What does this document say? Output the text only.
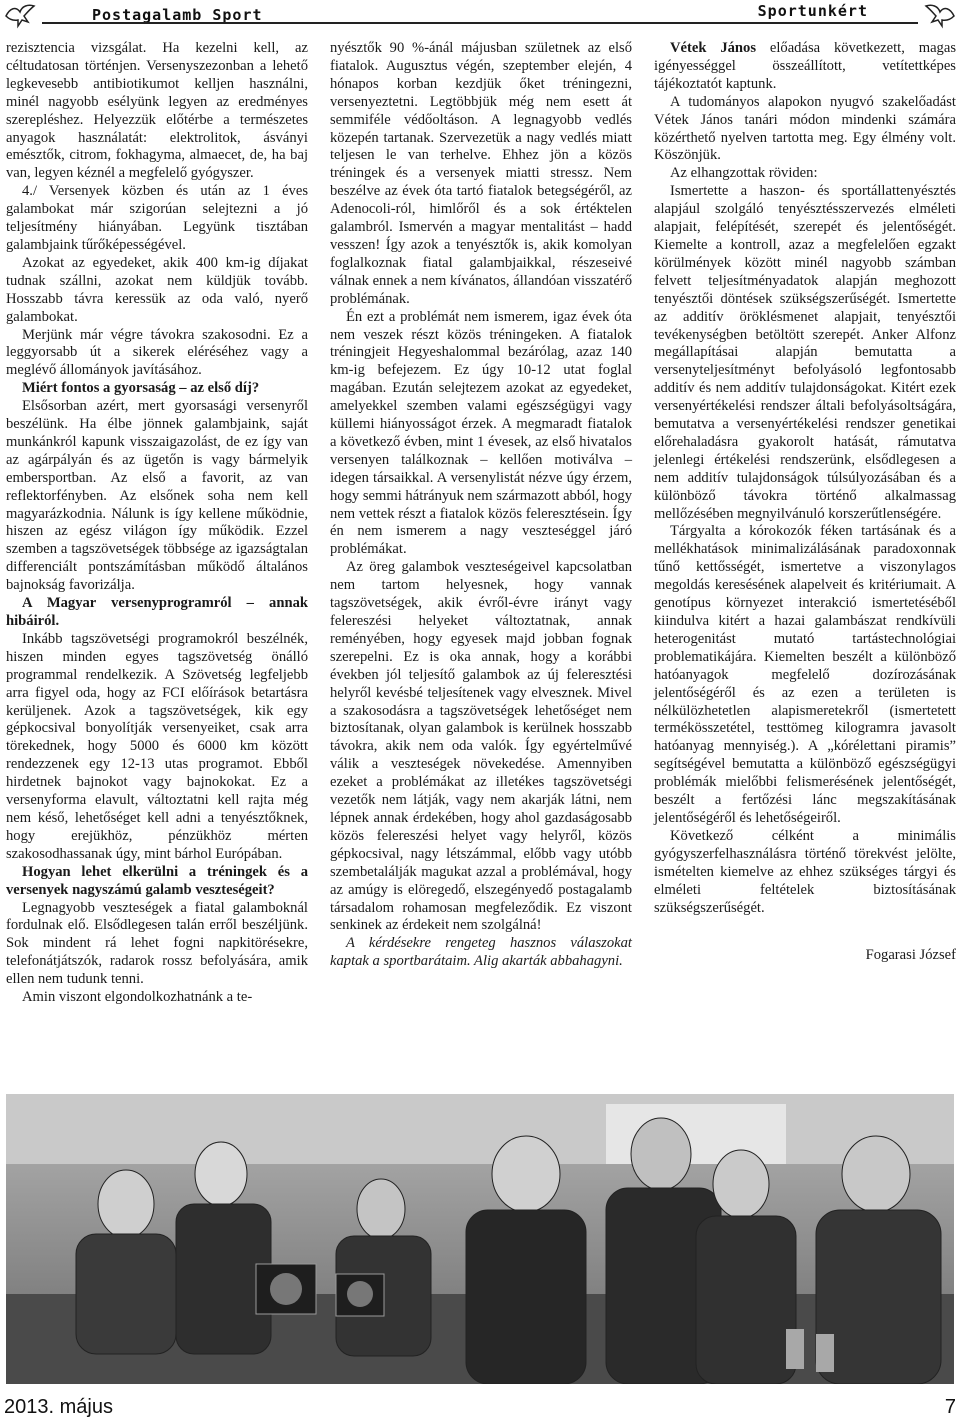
Postagalamb Sport	Sportunkért

rezisztencia vizsgálat. Ha kezelni kell, az céltudatosan történjen. Versenyszezonban a lehető legkevesebb antibiotikumot kelljen használni, minél nagyobb esélyünk legyen az eredményes szerepléshez. Helyezzük előtérbe a természetes anyagok használatát: elektrolitok, ásványi emésztők, citrom, fokhagyma, almaecet, de, ha baj van, legyen kéznél a megfelelő gyógyszer.

4./ Versenyek közben és után az 1 éves galambokat már szigorúan selejtezni a jó teljesítmény hiányában. Legyünk tisztában galambjaink tűrőképességével.

Azokat az egyedeket, akik 400 km-ig díjakat tudnak szállni, azokat nem küldjük tovább. Hosszabb távra keressük az oda való, nyerő galambokat.

Merjünk már végre távokra szakosodni. Ez a leggyorsabb út a sikerek eléréséhez vagy a meglévő állományok javításához.

Miért fontos a gyorsaság – az első díj?

Elsősorban azért, mert gyorsasági versenyről beszélünk. Ha élbe jönnek galambjaink, saját munkánkról kapunk visszaigazolást, de ez így van az agárpályán és az ügetőn is vagy bármelyik embersportban. Az első a favorit, az van reflektorfényben. Az elsőnek soha nem kell magyarázkodnia. Nálunk is így kellene működnie, hiszen az egész világon így működik. Ezzel szemben a tagszövetségek többsége az igazságtalan differenciált pontszámításban működő általános bajnokság favorizálja.

A Magyar versenyprogramról – annak hibáiról.

Inkább tagszövetségi programokról beszélnék, hiszen minden egyes tagszövetség önálló programmal rendelkezik. A Szövetség legfeljebb arra figyel oda, hogy az FCI előírások betartásra kerüljenek. Azok a tagszövetségek, kik egy gépkocsival bonyolítják versenyeiket, csak arra törekednek, hogy 5000 és 6000 km között rendezzenek egy 12-13 utas programot. Ebből hirdetnek bajnokot vagy bajnokokat. Ez a versenyforma elavult, változtatni kell rajta még nem késő, lehetőséget kell adni a tenyésztőknek, hogy erejükhöz, pénzükhöz mérten szakosodhassanak úgy, mint bárhol Európában.

Hogyan lehet elkerülni a tréningek és a versenyek nagyszámú galamb veszteségeit?

Legnagyobb veszteségek a fiatal galamboknál fordulnak elő. Elsődlegesen talán erről beszéljünk. Sok mindent rá lehet fogni napkitörésekre, telefonátjátszók, radarok rossz befolyására, amik ellen nem tudunk tenni.

Amin viszont elgondolkozhatnánk a te-

nyésztők 90 %-ánál májusban születnek az első fiatalok. Augusztus végén, szeptember elején, 4 hónapos korban kezdjük őket tréningezni, versenyeztetni. Legtöbbjük még nem esett át semmiféle védőoltáson. A legnagyobb vedlés közepén tartanak. Szervezetük a nagy vedlés miatt teljesen le van terhelve. Ehhez jön a közös tréningek és a versenyek miatti stressz. Nem beszélve az évek óta tartó fiatalok betegségéről, az Adenocoli-ról, himlőről és a sok értéktelen galambról. Ismervén a magyar mentalitást – hadd vesszen! Így azok a tenyésztők is, akik komolyan foglalkoznak fiatal galambjaikkal, részeseivé válnak ennek a nem kívánatos, állandóan visszatérő problémának.

Én ezt a problémát nem ismerem, igaz évek óta nem veszek részt közös tréningeken. A fiatalok tréningjeit Hegyeshalommal bezárólag, azaz 140 km-ig befejezem. Ez úgy 10-12 utat foglal magában. Ezután selejtezem azokat az egyedeket, amelyekkel szemben valami egészségügyi vagy küllemi hiányosságot érzek. A megmaradt fiatalok a következő évben, mint 1 évesek, az első hivatalos versenyen találkoznak – kellően motiválva – idegen társaikkal. A versenylistát nézve úgy érzem, hogy semmi hátrányuk nem származott abból, hogy nem vettek részt a fiatalok közös feleresztésein. Így én nem ismerem a nagy veszteséggel járó problémákat.

Az öreg galambok veszteségeivel kapcsolatban nem tartom helyesnek, hogy vannak tagszövetségek, akik évről-évre irányt vagy felereszési helyeket változtatnak, annak reményében, hogy egyesek majd jobban fognak szerepelni. Ez is oka annak, hogy a korábbi években jól teljesítő galambok az új feleresztési helyről kevésbé teljesítenek vagy elvesznek. Mivel a szakosodásra a tagszövetségek lehetőséget nem biztosítanak, olyan galambok is kerülnek hosszabb távokra, akik nem oda valók. Így egyértelművé válik a veszteségek növekedése. Amennyiben ezeket a problémákat az illetékes tagszövetségi vezetők nem látják, vagy nem akarják látni, nem lépnek annak érdekében, hogy ahol gazdaságosabb közös felereszési helyet vagy helyről, közös gépkocsival, nagy létszámmal, előbb vagy utóbb szembetalálják magukat azzal a problémával, hogy az amúgy is elöregedő, elszegényedő postagalamb társadalom rohamosan megfeleződik. Ez viszont senkinek az érdekeit nem szolgálná!

A kérdésekre rengeteg hasznos válaszokat kaptak a sportbarátaim. Alig akarták abbahagyni.

Vétek János előadása következett, magas igényességgel összeállított, vetítettképes tájékoztatót kaptunk.

A tudományos alapokon nyugvó szakelőadást Vétek János tanári módon mindenki számára közérthető nyelven tartotta meg. Egy élmény volt. Köszönjük.

Az elhangzottak röviden:

Ismertette a haszon- és sportállattenyésztés alapjául szolgáló tenyésztésszervezés elméleti alapjait, felépítését, szerepét és jelentőségét. Kiemelte a kontroll, azaz a megfelelően egzakt körülmények között minél nagyobb számban felvett teljesítményadatok alapján meghozott tenyésztői döntések szükségszerűségét. Ismertette az additív öröklésmenet alapjait, tenyésztői tevékenységben betöltött szerepét. Anker Alfonz megállapításai alapján bemutatta a versenyteljesítményt befolyásoló legfontosabb additív és nem additív tulajdonságokat. Kitért ezek versenyértékelési rendszer általi befolyásoltságára, bemutatva a versenyértékelési rendszer genetikai előrehaladásra gyakorolt hatását, rámutatva jelenlegi értékelési rendszerünk, elsődlegesen a nem additív tulajdonságok túlsúlyozásában és a különböző távokra történő alkalmassag mellőzésében megnyilvánuló korszerűtlenségére.

Tárgyalta a kórokozók féken tartásának és a mellékhatások minimalizálásának paradoxonnak tűnő kettősségét, ismertetve a viszonylagos megoldás keresésének alapelveit és kritériumait. A genotípus környezet interakció ismertetéséből kiindulva kitért a hazai galambászat rendkívüli heterogenitást mutató tartástechnológiai problematikájára. Kiemelten beszélt a különböző hatóanyagok megfelelő dozírozásának jelentőségéről és az ezen a területen is nélkülözhetetlen alapismeretekről (ismertetett termékösszetétel, testtömeg kilogramra javasolt hatóanyag mennyiség.). A „kórélettani piramis” segítségével bemutatta a különböző egészségügyi problémák mielőbbi felismerésének jelentőségét, beszélt a fertőzési lánc megszakításának jelentőségéről és lehetőségeiről.

Következő célként a minimális gyógyszerfelhasználásra történő törekvést jelölte, ismételten kiemelve az ehhez szükséges tárgyi és elméleti feltételek biztosításának szükségszerűségét.

Fogarasi József

2013. május	7
